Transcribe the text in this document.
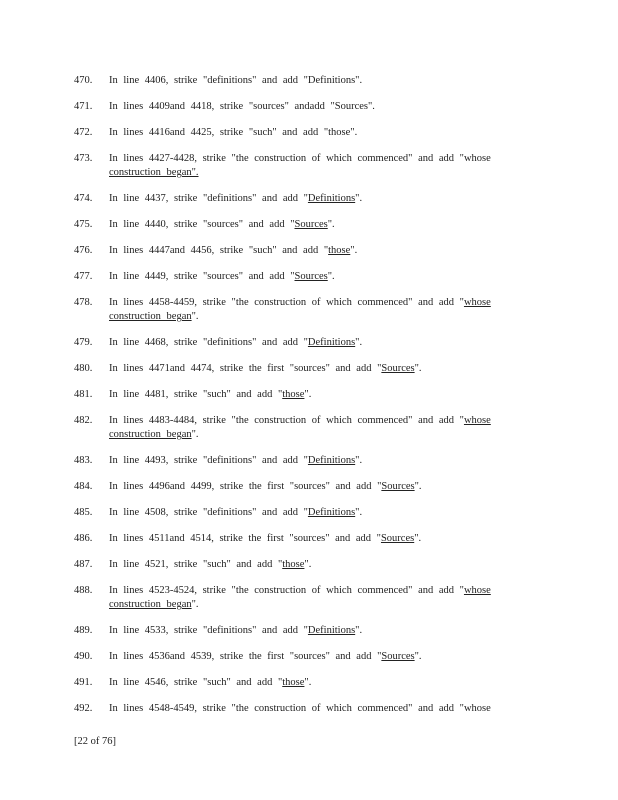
470.	In line 4406, strike "definitions" and add "Definitions".
471.	In lines 4409and 4418, strike "sources" andadd "Sources".
472.	In lines 4416and 4425, strike "such" and add "those".
473.	In lines 4427-4428, strike "the construction of which commenced" and add "whose
construction began".
474.	In line 4437, strike "definitions" and add "Definitions".
475.	In line 4440, strike "sources" and add "Sources".
476.	In lines 4447and 4456, strike "such" and add "those".
477.	In line 4449, strike "sources" and add "Sources".
478.	In lines 4458-4459, strike "the construction of which commenced" and add "whose
construction began".
479.	In line 4468, strike "definitions" and add "Definitions".
480.	In lines 4471and 4474, strike the first "sources" and add "Sources".
481.	In line 4481, strike "such" and add "those".
482.	In lines 4483-4484, strike "the construction of which commenced" and add "whose
construction began".
483.	In line 4493, strike "definitions" and add "Definitions".
484.	In lines 4496and 4499, strike the first "sources" and add "Sources".
485.	In line 4508, strike "definitions" and add "Definitions".
486.	In lines 4511and 4514, strike the first "sources" and add "Sources".
487.	In line 4521, strike "such" and add "those".
488.	In lines 4523-4524, strike "the construction of which commenced" and add "whose
construction began".
489.	In line 4533, strike "definitions" and add "Definitions".
490.	In lines 4536and 4539, strike the first "sources" and add "Sources".
491.	In line 4546, strike "such" and add "those".
492.	In lines 4548-4549, strike "the construction of which commenced" and add "whose
[22 of 76]
